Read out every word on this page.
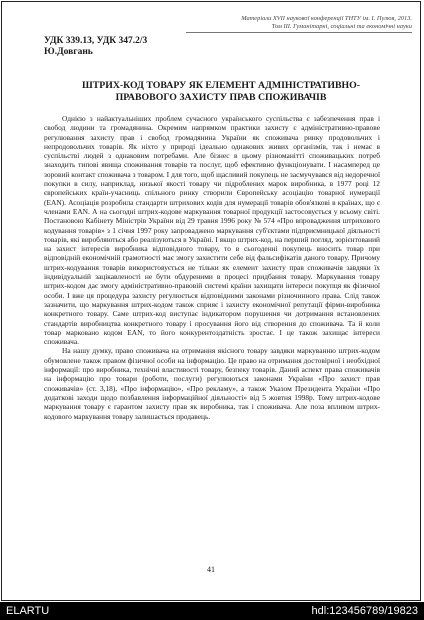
Матеріали XVІІ наукової конференції ТНТУ ім. І. Пулюя, 2013.
Том ІІІ. Гуманітарні, соціальні та економічні науки
УДК 339.13, УДК 347.2/3
Ю.Довгань
ШТРИХ-КОД ТОВАРУ ЯК ЕЛЕМЕНТ АДМІНІСТРАТИВНО-ПРАВОВОГО ЗАХИСТУ ПРАВ СПОЖИВАЧІВ

Однією з найактуальніших проблем сучасного українського суспільства є забезпечення прав і свобод людини та громадянина. Окремим напрямком практики захисту є адміністративно-правове регулювання захисту прав і свобод громадянина України як споживача ринку продовольчих і непродовольчих товарів. Як ніхто у природі ідеально однакових живих організмів, так і немає в суспільстві людей з однаковим потребами. Але бізнес в цьому різноманітті споживацьких потреб знаходить типові явища споживання товарів та послуг, щоб ефективно функціонувати. І насамперед це зоровий контакт споживача з товаром. І для того, щоб щасливий покупець не засмучувався від недоречної покупки в силу, наприклад, низької якості товару чи підроблених марок виробника, в 1977 році 12 європейських країн-учасниць спільного ринку створили Європейську асоціацію товарної нумерації (EAN). Асоціація розробила стандарти штрихових кодів для нумерації товарів обов'язкові в країнах, що є членами EAN. А на сьогодні штрих-кодове маркування товарної продукції застосовується у всьому світі. Постановою Кабінету Міністрів України від 29 травня 1996 року № 574 «Про впровадження штрихового кодування товарів» з 1 січня 1997 року запроваджено маркування суб'єктами підприємницької діяльності товарів, які виробляються або реалізуються в Україні. І якщо штрих-код, на перший погляд, зорієнтований на захист інтересів виробника відповідного товару, то в сьогоденні покупець вносить товар при відповідній економічній грамотності має змогу захистити себе від фальсифікатів даного товару. Причому штрих-кодування товарів використовується не тільки як елемент захисту прав споживачів завдяки їх індивідуальній зацікавленості не бути обдуреними в процесі придбання товару. Маркування товару штрих-кодом дає змогу адміністративно-правовій системі країни захищати інтереси покупця як фізичної особи. І вже ця процедура захисту регулюється відповідними законами різночинного права. Слід також зазначити, що маркування штрих-кодом також сприяє і захисту економічної репутації фірми-виробника конкретного товару. Саме штрих-код виступає індикатором порушення чи дотримання встановлених стандартів виробництва конкретного товару і просування його від створення до споживача. Та й коли товар марковано кодом EAN, то його конкурентоздатність зростає. І це також захищає інтереси споживача.

На нашу думку, право споживача на отримання якісного товару завдяки маркуванню штрих-кодом обумовлене також правом фізичної особи на інформацію. Це право на отримання достовірної і необхідної інформації: про виробника, технічні властивості товару, безпеку товарів. Даний аспект права споживачів на інформацію про товари (роботи, послуги) регулюються законами України «Про захист прав споживачів» (ст. 3,18), «Про інформацію», «Про рекламу», а також Указом Президента України «Про додаткові заходи щодо позбавлення інформаційної діяльності» від 5 жовтня 1998р. Тому штрих-кодове маркування товару є гарантом захисту прав як виробника, так і споживача. Але поза впливом штрих-кодового маркування товару залишається продавець.

41
ELARTU	hdl:123456789/19823
